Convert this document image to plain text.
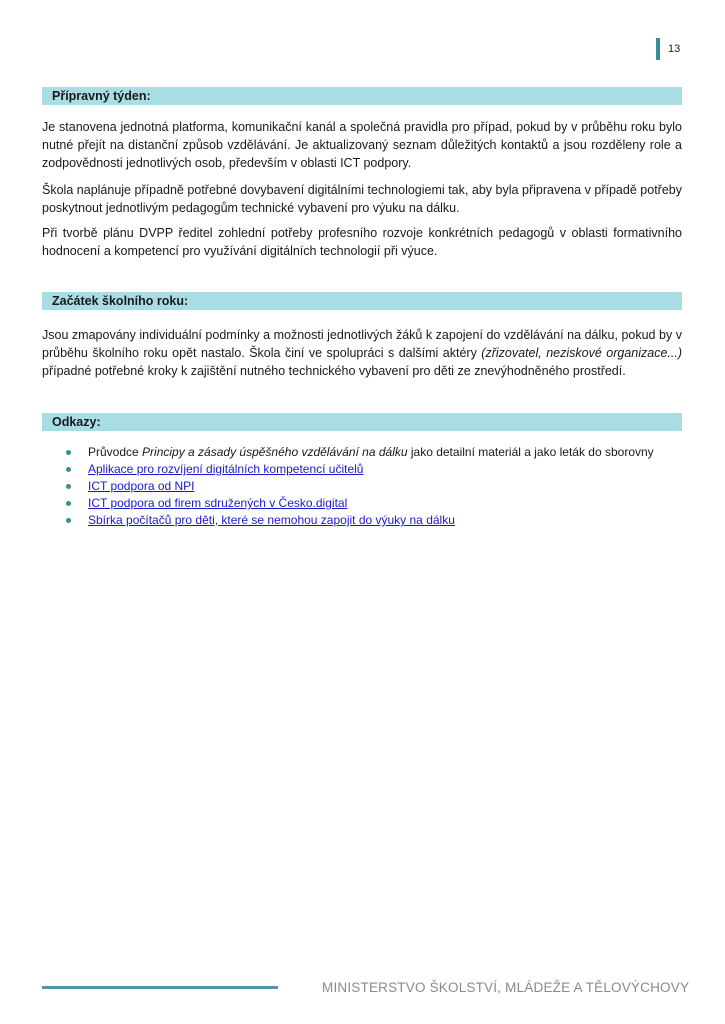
13
Přípravný týden:

Je stanovena jednotná platforma, komunikační kanál a společná pravidla pro případ, pokud by v průběhu roku bylo nutné přejít na distanční způsob vzdělávání. Je aktualizovaný seznam důležitých kontaktů a jsou rozděleny role a zodpovědnosti jednotlivých osob, především v oblasti ICT podpory.

Škola naplánuje případně potřebné dovybavení digitálními technologiemi tak, aby byla připravena v případě potřeby poskytnout jednotlivým pedagogům technické vybavení pro výuku na dálku.

Při tvorbě plánu DVPP ředitel zohlední potřeby profesního rozvoje konkrétních pedagogů v oblasti formativního hodnocení a kompetencí pro využívání digitálních technologií při výuce.

Začátek školního roku:

Jsou zmapovány individuální podmínky a možnosti jednotlivých žáků k zapojení do vzdělávání na dálku, pokud by v průběhu školního roku opět nastalo. Škola činí ve spolupráci s dalšími aktéry (zřizovatel, neziskové organizace...) případné potřebné kroky k zajištění nutného technického vybavení pro děti ze znevýhodněného prostředí.

Odkazy:
Průvodce Principy a zásady úspěšného vzdělávání na dálku jako detailní materiál a jako leták do sborovny
Aplikace pro rozvíjení digitálních kompetencí učitelů
ICT podpora od NPI
ICT podpora od firem sdružených v Česko.digital
Sbírka počítačů pro děti, které se nemohou zapojit do výuky na dálku
MINISTERSTVO ŠKOLSTVÍ, MLÁDEŽE A TĚLOVÝCHOVY
